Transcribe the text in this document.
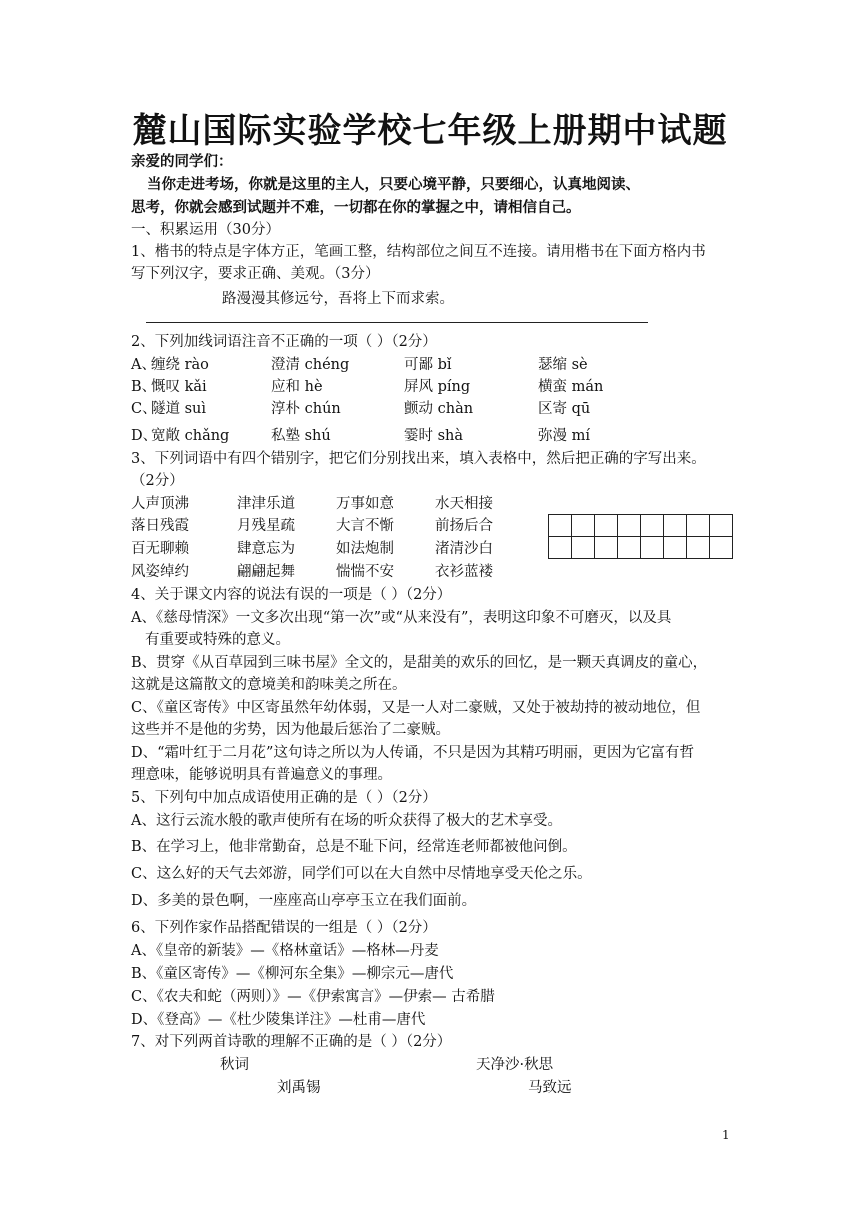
麓山国际实验学校七年级上册期中试题
亲爱的同学们：
当你走进考场，你就是这里的主人，只要心境平静，只要细心，认真地阅读、
思考，你就会感到试题并不难，一切都在你的掌握之中，请相信自己。
一、积累运用（30分）
1、楷书的特点是字体方正，笔画工整，结构部位之间互不连接。请用楷书在下面方格内书
写下列汉字，要求正确、美观。（3分）
路漫漫其修远兮，吾将上下而求索。
2、下列加线词语注音不正确的一项（ ）（2分）
A、
缠绕 rào	澄清 chéng	可鄙 bǐ	瑟缩 sè
B、
慨叹 kǎi	应和 hè	屏风 píng	横蛮 mán
C、
隧道 suì	淳朴 chún	颤动 chàn	区寄 qū
D、
宽敞 chǎng	私塾 shú	霎时 shà	弥漫 mí
3、下列词语中有四个错别字，把它们分别找出来，填入表格中，然后把正确的字写出来。
（2分）
人声顶沸	津津乐道	万事如意	水天相接
落日残霞	月残星疏	大言不惭	前扬后合
百无聊赖	肆意忘为	如法炮制	渚清沙白
风姿绰约	翩翩起舞	惴惴不安	衣衫蓝褛

4、关于课文内容的说法有误的一项是（ ）（2分）
A、《慈母情深》一文多次出现“第一次”或“从来没有”，表明这印象不可磨灭，以及具
有重要或特殊的意义。
B、贯穿《从百草园到三味书屋》全文的，是甜美的欢乐的回忆，是一颗天真调皮的童心，
这就是这篇散文的意境美和韵味美之所在。
C、《童区寄传》中区寄虽然年幼体弱，又是一人对二豪贼，又处于被劫持的被动地位，但
这些并不是他的劣势，因为他最后惩治了二豪贼。
D、“霜叶红于二月花”这句诗之所以为人传诵，不只是因为其精巧明丽，更因为它富有哲
理意味，能够说明具有普遍意义的事理。
5、下列句中加点成语使用正确的是（ ）（2分）
A、这行云流水般的歌声使所有在场的听众获得了极大的艺术享受。
B、在学习上，他非常勤奋，总是不耻下问，经常连老师都被他问倒。
C、这么好的天气去郊游，同学们可以在大自然中尽情地享受天伦之乐。
D、多美的景色啊，一座座高山亭亭玉立在我们面前。
6、下列作家作品搭配错误的一组是（ ）（2分）
A、《皇帝的新装》—《格林童话》—格林—丹麦
B、《童区寄传》—《柳河东全集》—柳宗元—唐代
C、《农夫和蛇（两则）》—《伊索寓言》—伊索— 古希腊
D、《登高》—《杜少陵集详注》—杜甫—唐代
7、对下列两首诗歌的理解不正确的是（ ）（2分）
秋词	天净沙·秋思
刘禹锡	马致远
1
